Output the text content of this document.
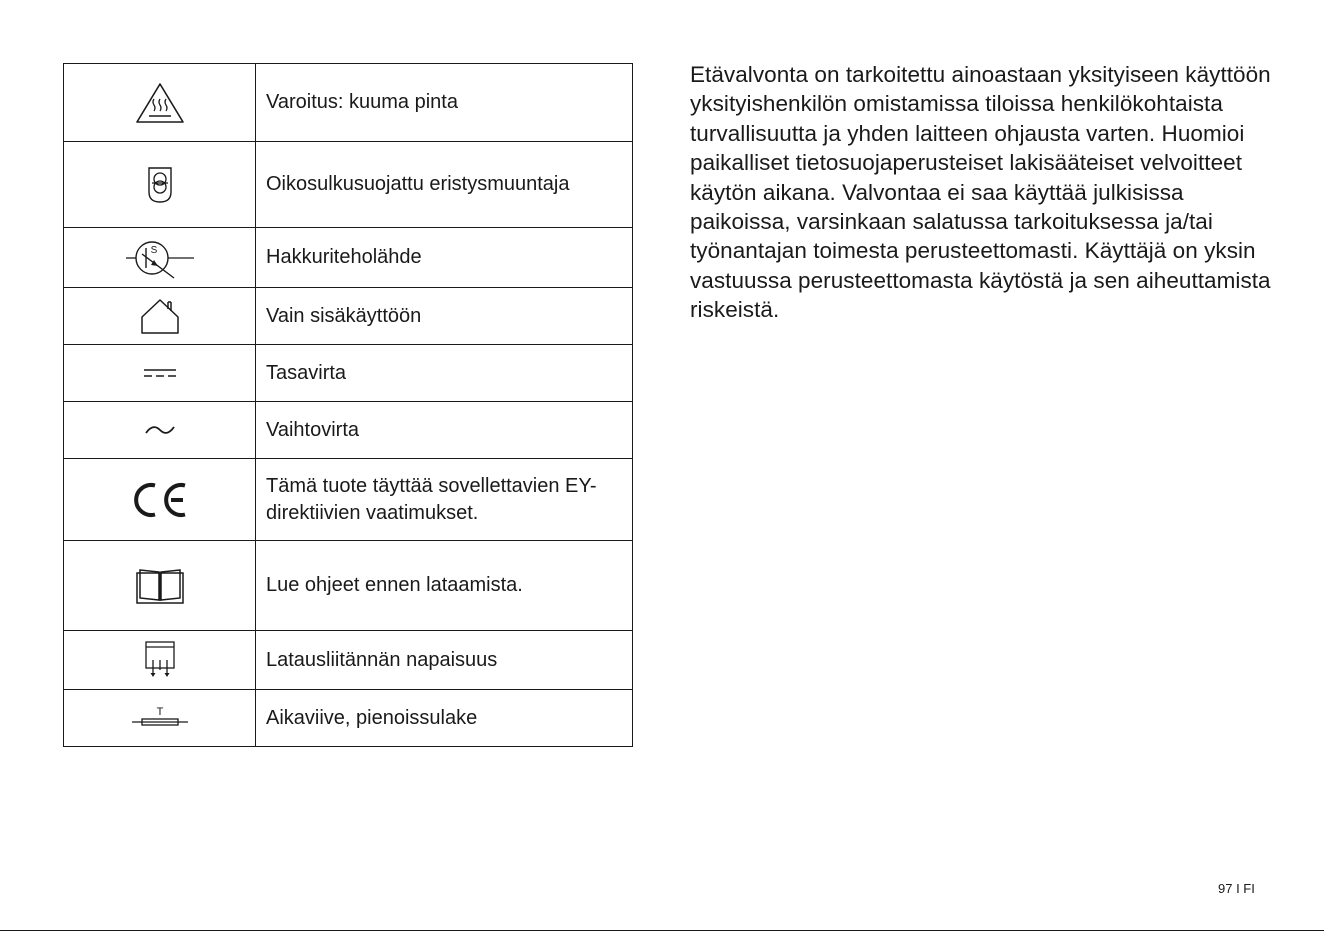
	Varoitus: kuuma pinta

	Oikosulkusuojattu eristysmuuntaja

S	Hakkuriteholähde

	Vain sisäkäyttöön

	Tasavirta

	Vaihtovirta

	Tämä tuote täyttää sovellettavien EY-direktiivien vaatimukset.

	Lue ohjeet ennen lataamista.

	Latausliitännän napaisuus

T	Aikaviive, pienoissulake

Etävalvonta on tarkoitettu ainoastaan yksityiseen käyttöön yksityishenkilön omistamissa tiloissa henkilökohtaista turvallisuutta ja yhden laitteen ohjausta varten. Huomioi paikalliset tietosuojaperusteiset lakisääteiset velvoitteet käytön aikana. Valvontaa ei saa käyttää julkisissa paikoissa, varsinkaan salatussa tarkoituksessa ja/tai työnantajan toimesta perusteettomasti. Käyttäjä on yksin vastuussa perusteettomasta käytöstä ja sen aiheuttamista riskeistä.

97 I FI
